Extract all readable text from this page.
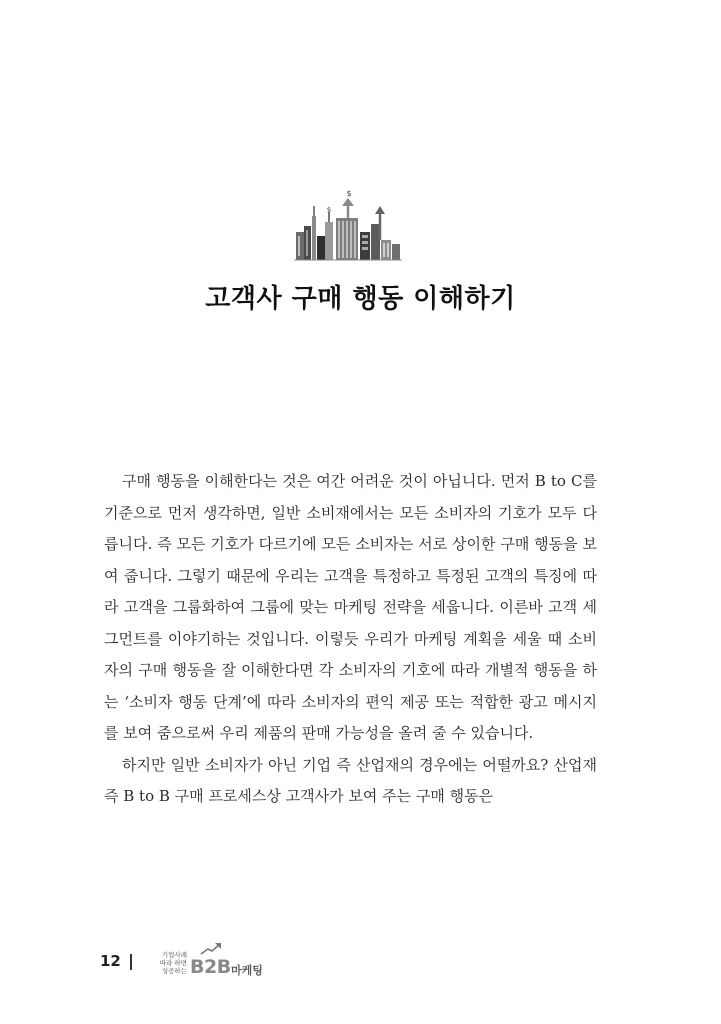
$
$
고객사 구매 행동 이해하기

구매 행동을 이해한다는 것은 여간 어려운 것이 아닙니다. 먼저 B to C를 기준으로 먼저 생각하면, 일반 소비재에서는 모든 소비자의 기호가 모두 다릅니다. 즉 모든 기호가 다르기에 모든 소비자는 서로 상이한 구매 행동을 보여 줍니다. 그렇기 때문에 우리는 고객을 특정하고 특정된 고객의 특징에 따라 고객을 그룹화하여 그룹에 맞는 마케팅 전략을 세웁니다. 이른바 고객 세그먼트를 이야기하는 것입니다. 이렇듯 우리가 마케팅 계획을 세울 때 소비자의 구매 행동을 잘 이해한다면 각 소비자의 기호에 따라 개별적 행동을 하는 ‘소비자 행동 단계’에 따라 소비자의 편익 제공 또는 적합한 광고 메시지를 보여 줌으로써 우리 제품의 판매 가능성을 올려 줄 수 있습니다.

하지만 일반 소비자가 아닌 기업 즉 산업재의 경우에는 어떨까요? 산업재 즉 B to B 구매 프로세스상 고객사가 보여 주는 구매 행동은

12	기업사례
따라 하면
성공하는 B2B 마케팅
